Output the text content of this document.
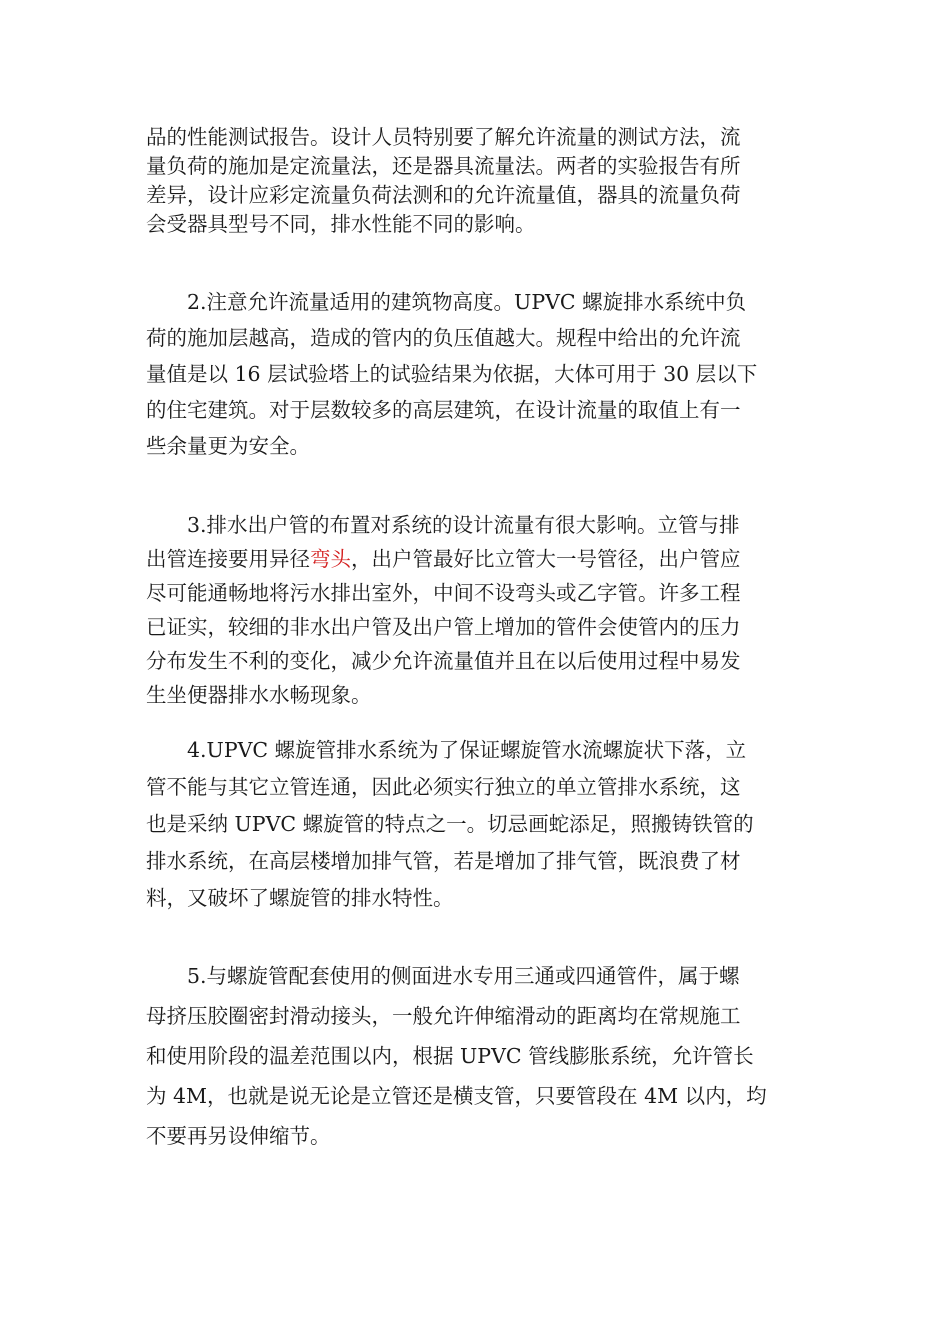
品的性能测试报告。设计人员特别要了解允许流量的测试方法，流
量负荷的施加是定流量法，还是器具流量法。两者的实验报告有所
差异，设计应彩定流量负荷法测和的允许流量值，器具的流量负荷
会受器具型号不同，排水性能不同的影响。

2.注意允许流量适用的建筑物高度。UPVC 螺旋排水系统中负
荷的施加层越高，造成的管内的负压值越大。规程中给出的允许流
量值是以 16 层试验塔上的试验结果为依据，大体可用于 30 层以下
的住宅建筑。对于层数较多的高层建筑，在设计流量的取值上有一
些余量更为安全。

3.排水出户管的布置对系统的设计流量有很大影响。立管与排
出管连接要用异径弯头，出户管最好比立管大一号管径，出户管应
尽可能通畅地将污水排出室外，中间不设弯头或乙字管。许多工程
已证实，较细的非水出户管及出户管上增加的管件会使管内的压力
分布发生不利的变化，减少允许流量值并且在以后使用过程中易发
生坐便器排水水畅现象。

4.UPVC 螺旋管排水系统为了保证螺旋管水流螺旋状下落，立
管不能与其它立管连通，因此必须实行独立的单立管排水系统，这
也是采纳 UPVC 螺旋管的特点之一。切忌画蛇添足，照搬铸铁管的
排水系统，在高层楼增加排气管，若是增加了排气管，既浪费了材
料，又破坏了螺旋管的排水特性。

5.与螺旋管配套使用的侧面进水专用三通或四通管件，属于螺
母挤压胶圈密封滑动接头，一般允许伸缩滑动的距离均在常规施工
和使用阶段的温差范围以内，根据 UPVC 管线膨胀系统，允许管长
为 4M，也就是说无论是立管还是横支管，只要管段在 4M 以内，均
不要再另设伸缩节。
